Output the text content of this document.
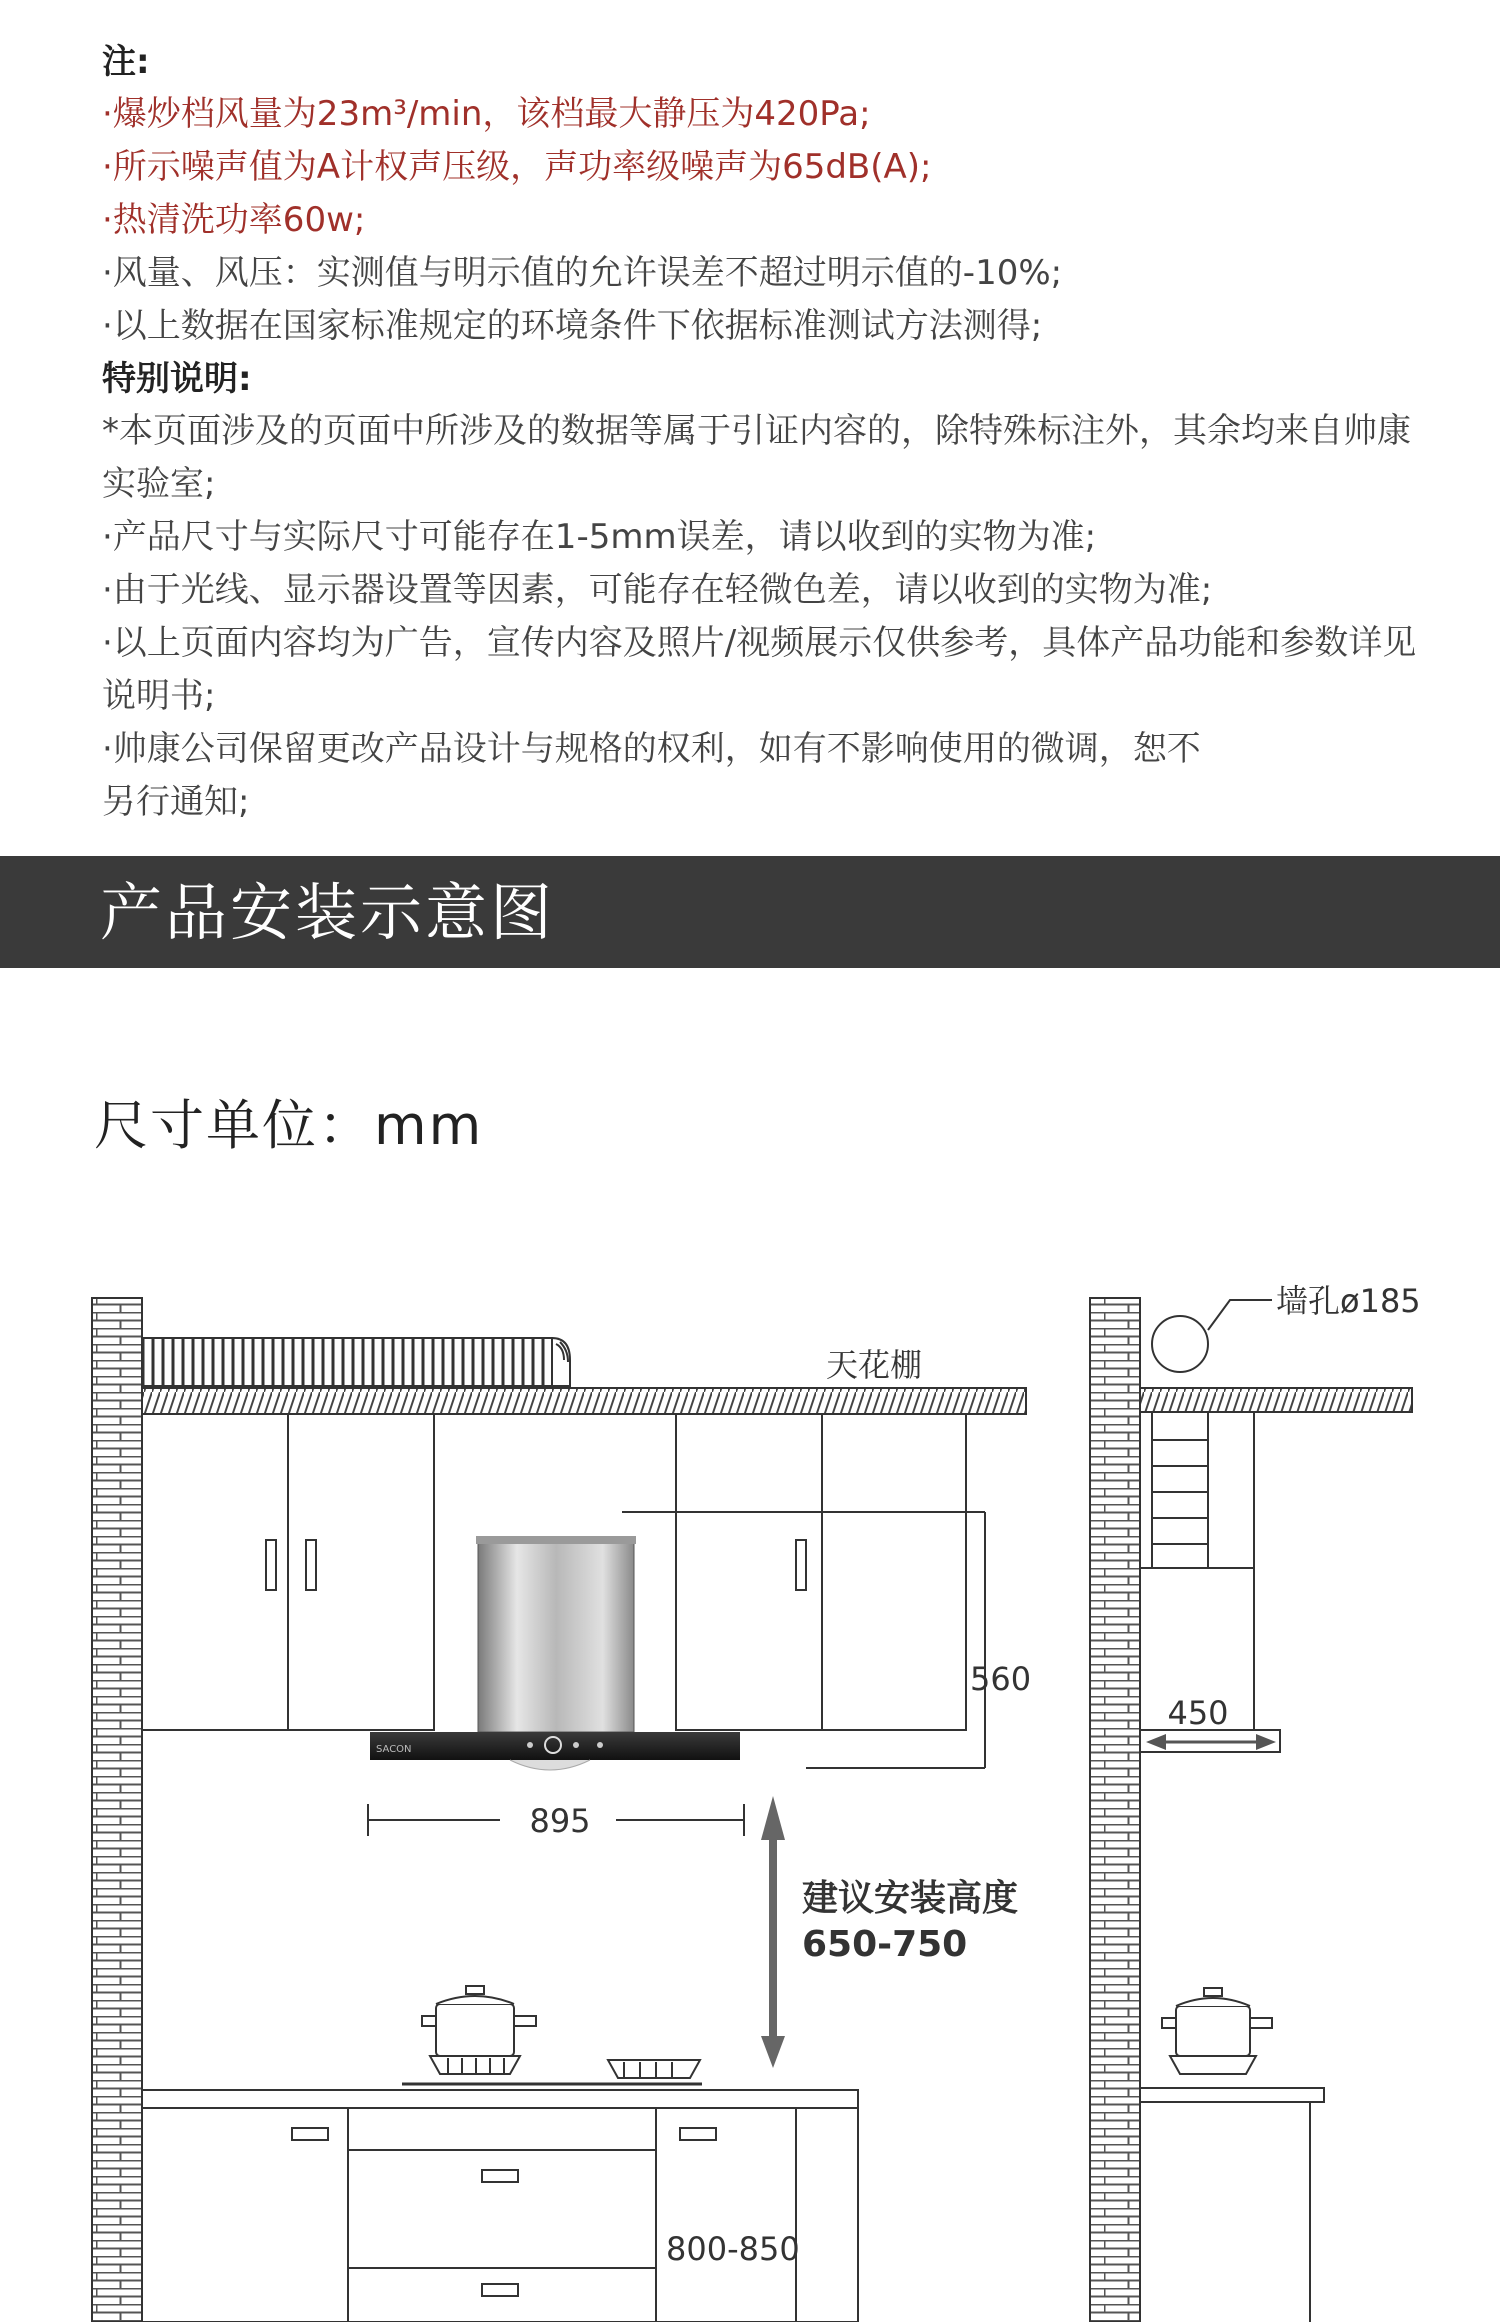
注:
·爆炒档风量为23m³/min，该档最大静压为420Pa;
·所示噪声值为A计权声压级，声功率级噪声为65dB(A);
·热清洗功率60w;
·风量、风压：实测值与明示值的允许误差不超过明示值的-10%;
·以上数据在国家标准规定的环境条件下依据标准测试方法测得;
特别说明:
*本页面涉及的页面中所涉及的数据等属于引证内容的，除特殊标注外，其余均来自帅康实验室;
·产品尺寸与实际尺寸可能存在1-5mm误差，请以收到的实物为准;
·由于光线、显示器设置等因素，可能存在轻微色差，请以收到的实物为准;
·以上页面内容均为广告，宣传内容及照片/视频展示仅供参考，具体产品功能和参数详见说明书;
·帅康公司保留更改产品设计与规格的权利，如有不影响使用的微调，恕不另行通知;
产品安装示意图
尺寸单位：mm
天花棚
SACON
560
895
建议安装高度
650-750
800-850
墙孔ø185
450
